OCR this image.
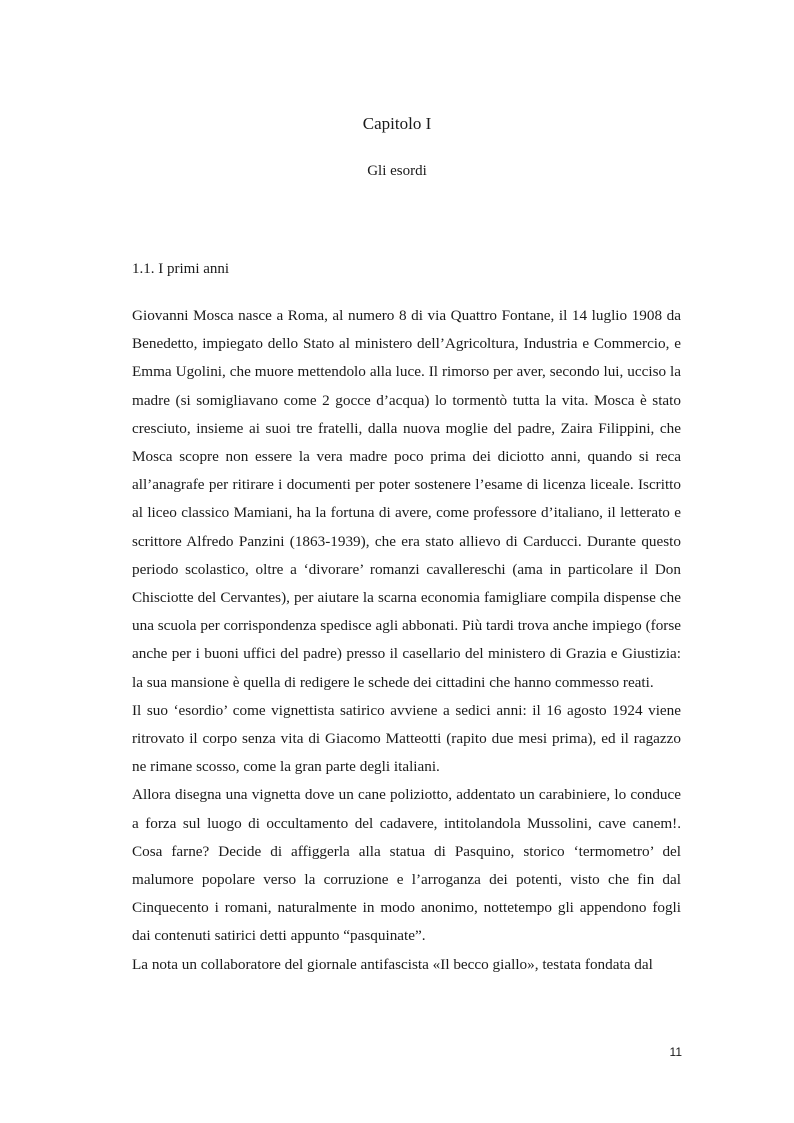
Capitolo I
Gli esordi
1.1. I primi anni

Giovanni Mosca nasce a Roma, al numero 8 di via Quattro Fontane, il 14 luglio 1908 da Benedetto, impiegato dello Stato al ministero dell’Agricoltura, Industria e Commercio, e Emma Ugolini, che muore mettendolo alla luce. Il rimorso per aver, secondo lui, ucciso la madre (si somigliavano come 2 gocce d’acqua) lo tormentò tutta la vita. Mosca è stato cresciuto, insieme ai suoi tre fratelli, dalla nuova moglie del padre, Zaira Filippini, che Mosca scopre non essere la vera madre poco prima dei diciotto anni, quando si reca all’anagrafe per ritirare i documenti per poter sostenere l’esame di licenza liceale. Iscritto al liceo classico Mamiani, ha la fortuna di avere, come professore d’italiano, il letterato e scrittore Alfredo Panzini (1863-1939), che era stato allievo di Carducci. Durante questo periodo scolastico, oltre a ‘divorare’ romanzi cavallereschi (ama in particolare il Don Chisciotte del Cervantes), per aiutare la scarna economia famigliare compila dispense che una scuola per corrispondenza spedisce agli abbonati. Più tardi trova anche impiego (forse anche per i buoni uffici del padre) presso il casellario del ministero di Grazia e Giustizia: la sua mansione è quella di redigere le schede dei cittadini che hanno commesso reati.

Il suo ‘esordio’ come vignettista satirico avviene a sedici anni: il 16 agosto 1924 viene ritrovato il corpo senza vita di Giacomo Matteotti (rapito due mesi prima), ed il ragazzo ne rimane scosso, come la gran parte degli italiani.

Allora disegna una vignetta dove un cane poliziotto, addentato un carabiniere, lo conduce a forza sul luogo di occultamento del cadavere, intitolandola Mussolini, cave canem!. Cosa farne? Decide di affiggerla alla statua di Pasquino, storico ‘termometro’ del malumore popolare verso la corruzione e l’arroganza dei potenti, visto che fin dal Cinquecento i romani, naturalmente in modo anonimo, nottetempo gli appendono fogli dai contenuti satirici detti appunto “pasquinate”.

La nota un collaboratore del giornale antifascista «Il becco giallo», testata fondata dal

11
